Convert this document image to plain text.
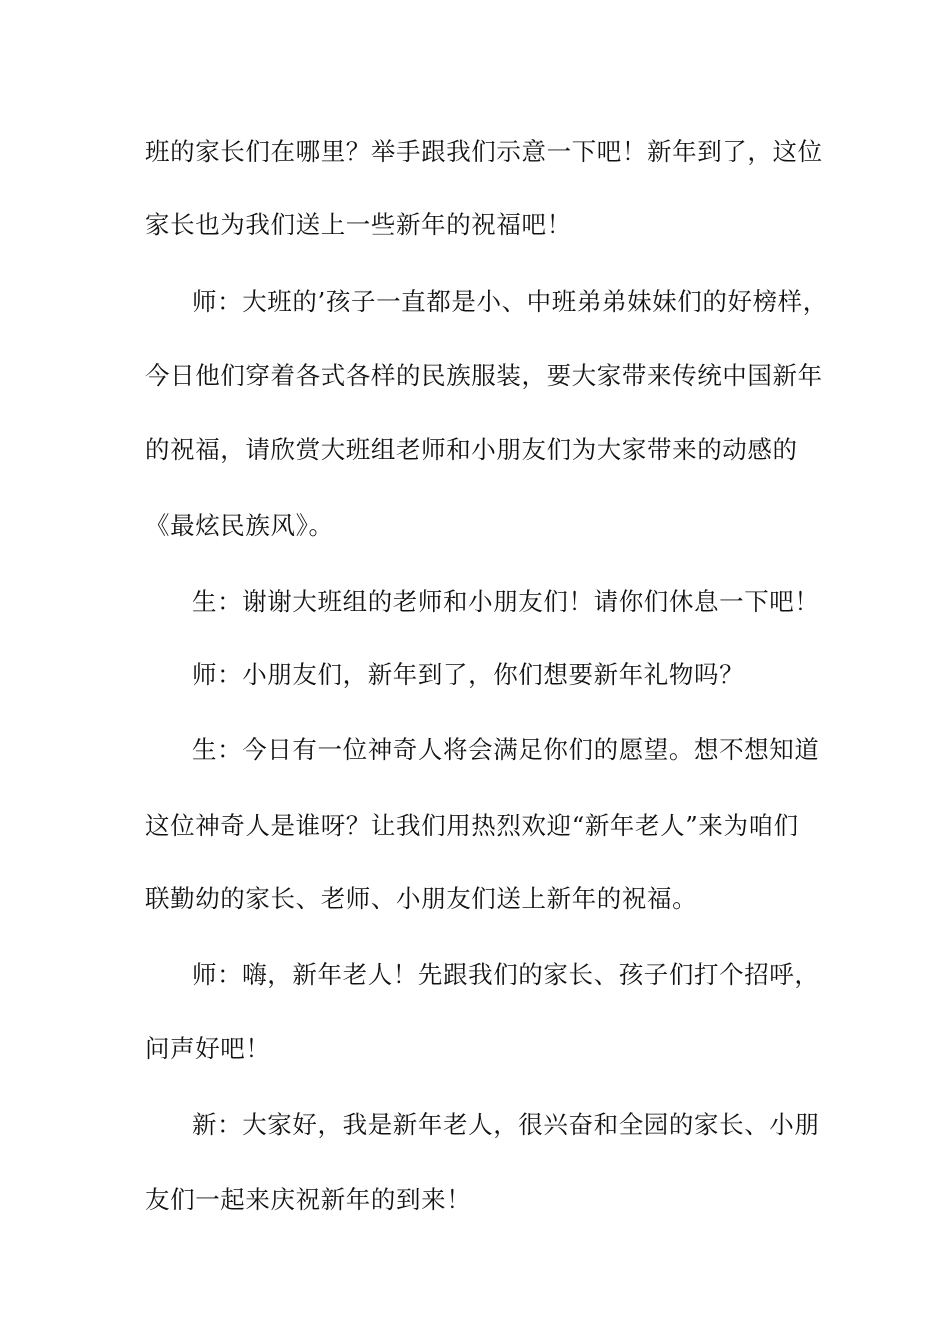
班的家长们在哪里？举手跟我们示意一下吧！新年到了，这位
家长也为我们送上一些新年的祝福吧！
师：大班的’孩子一直都是小、中班弟弟妹妹们的好榜样，
今日他们穿着各式各样的民族服装，要大家带来传统中国新年
的祝福，请欣赏大班组老师和小朋友们为大家带来的动感的
《最炫民族风》。
生：谢谢大班组的老师和小朋友们！请你们休息一下吧！
师：小朋友们，新年到了，你们想要新年礼物吗？
生：今日有一位神奇人将会满足你们的愿望。想不想知道
这位神奇人是谁呀？让我们用热烈欢迎“新年老人”来为咱们
联勤幼的家长、老师、小朋友们送上新年的祝福。
师：嗨，新年老人！先跟我们的家长、孩子们打个招呼，
问声好吧！
新：大家好，我是新年老人，很兴奋和全园的家长、小朋
友们一起来庆祝新年的到来！
